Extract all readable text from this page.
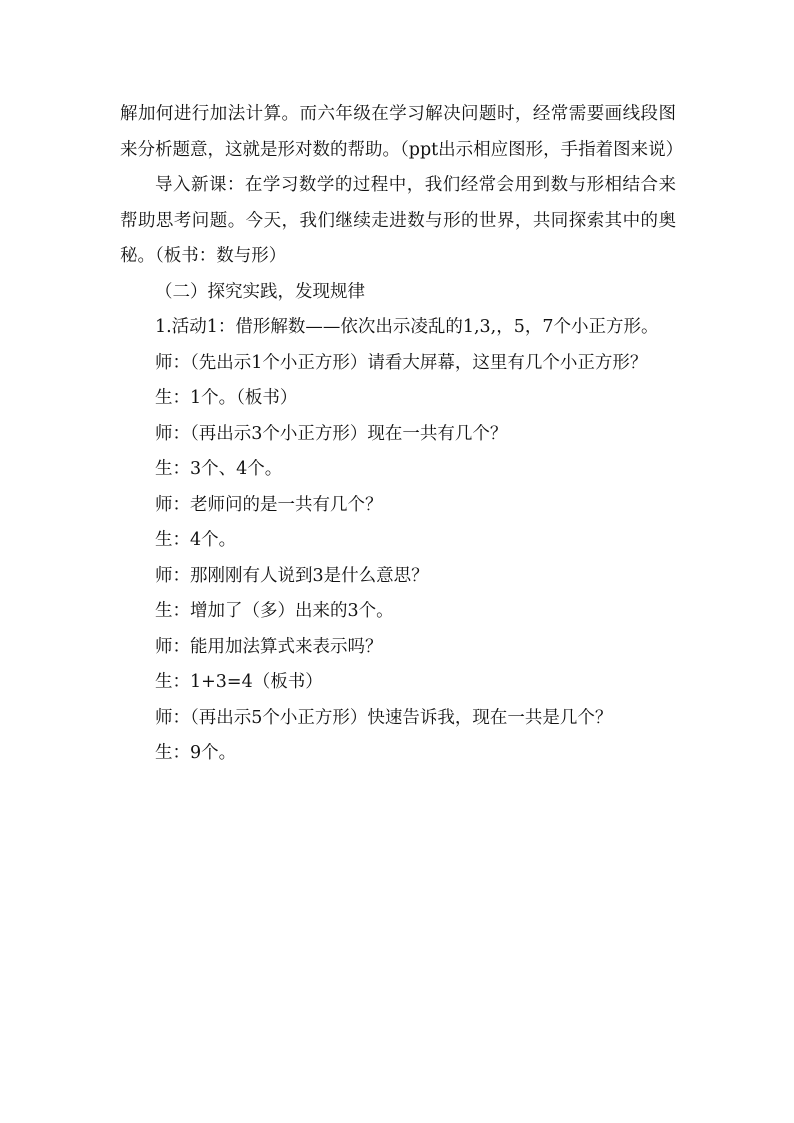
解加何进行加法计算。而六年级在学习解决问题时，经常需要画线段图来分析题意，这就是形对数的帮助。（ppt出示相应图形，手指着图来说）

导入新课：在学习数学的过程中，我们经常会用到数与形相结合来帮助思考问题。今天，我们继续走进数与形的世界，共同探索其中的奥秘。（板书：数与形）

（二）探究实践，发现规律

1.活动1：借形解数——依次出示凌乱的1,3,，5，7个小正方形。

师：（先出示1个小正方形）请看大屏幕，这里有几个小正方形？

生：1个。（板书）

师：（再出示3个小正方形）现在一共有几个？

生：3个、4个。

师：老师问的是一共有几个？

生：4个。

师：那刚刚有人说到3是什么意思？

生：增加了（多）出来的3个。

师：能用加法算式来表示吗？

生：1+3=4（板书）

师：（再出示5个小正方形）快速告诉我，现在一共是几个？

生：9个。
